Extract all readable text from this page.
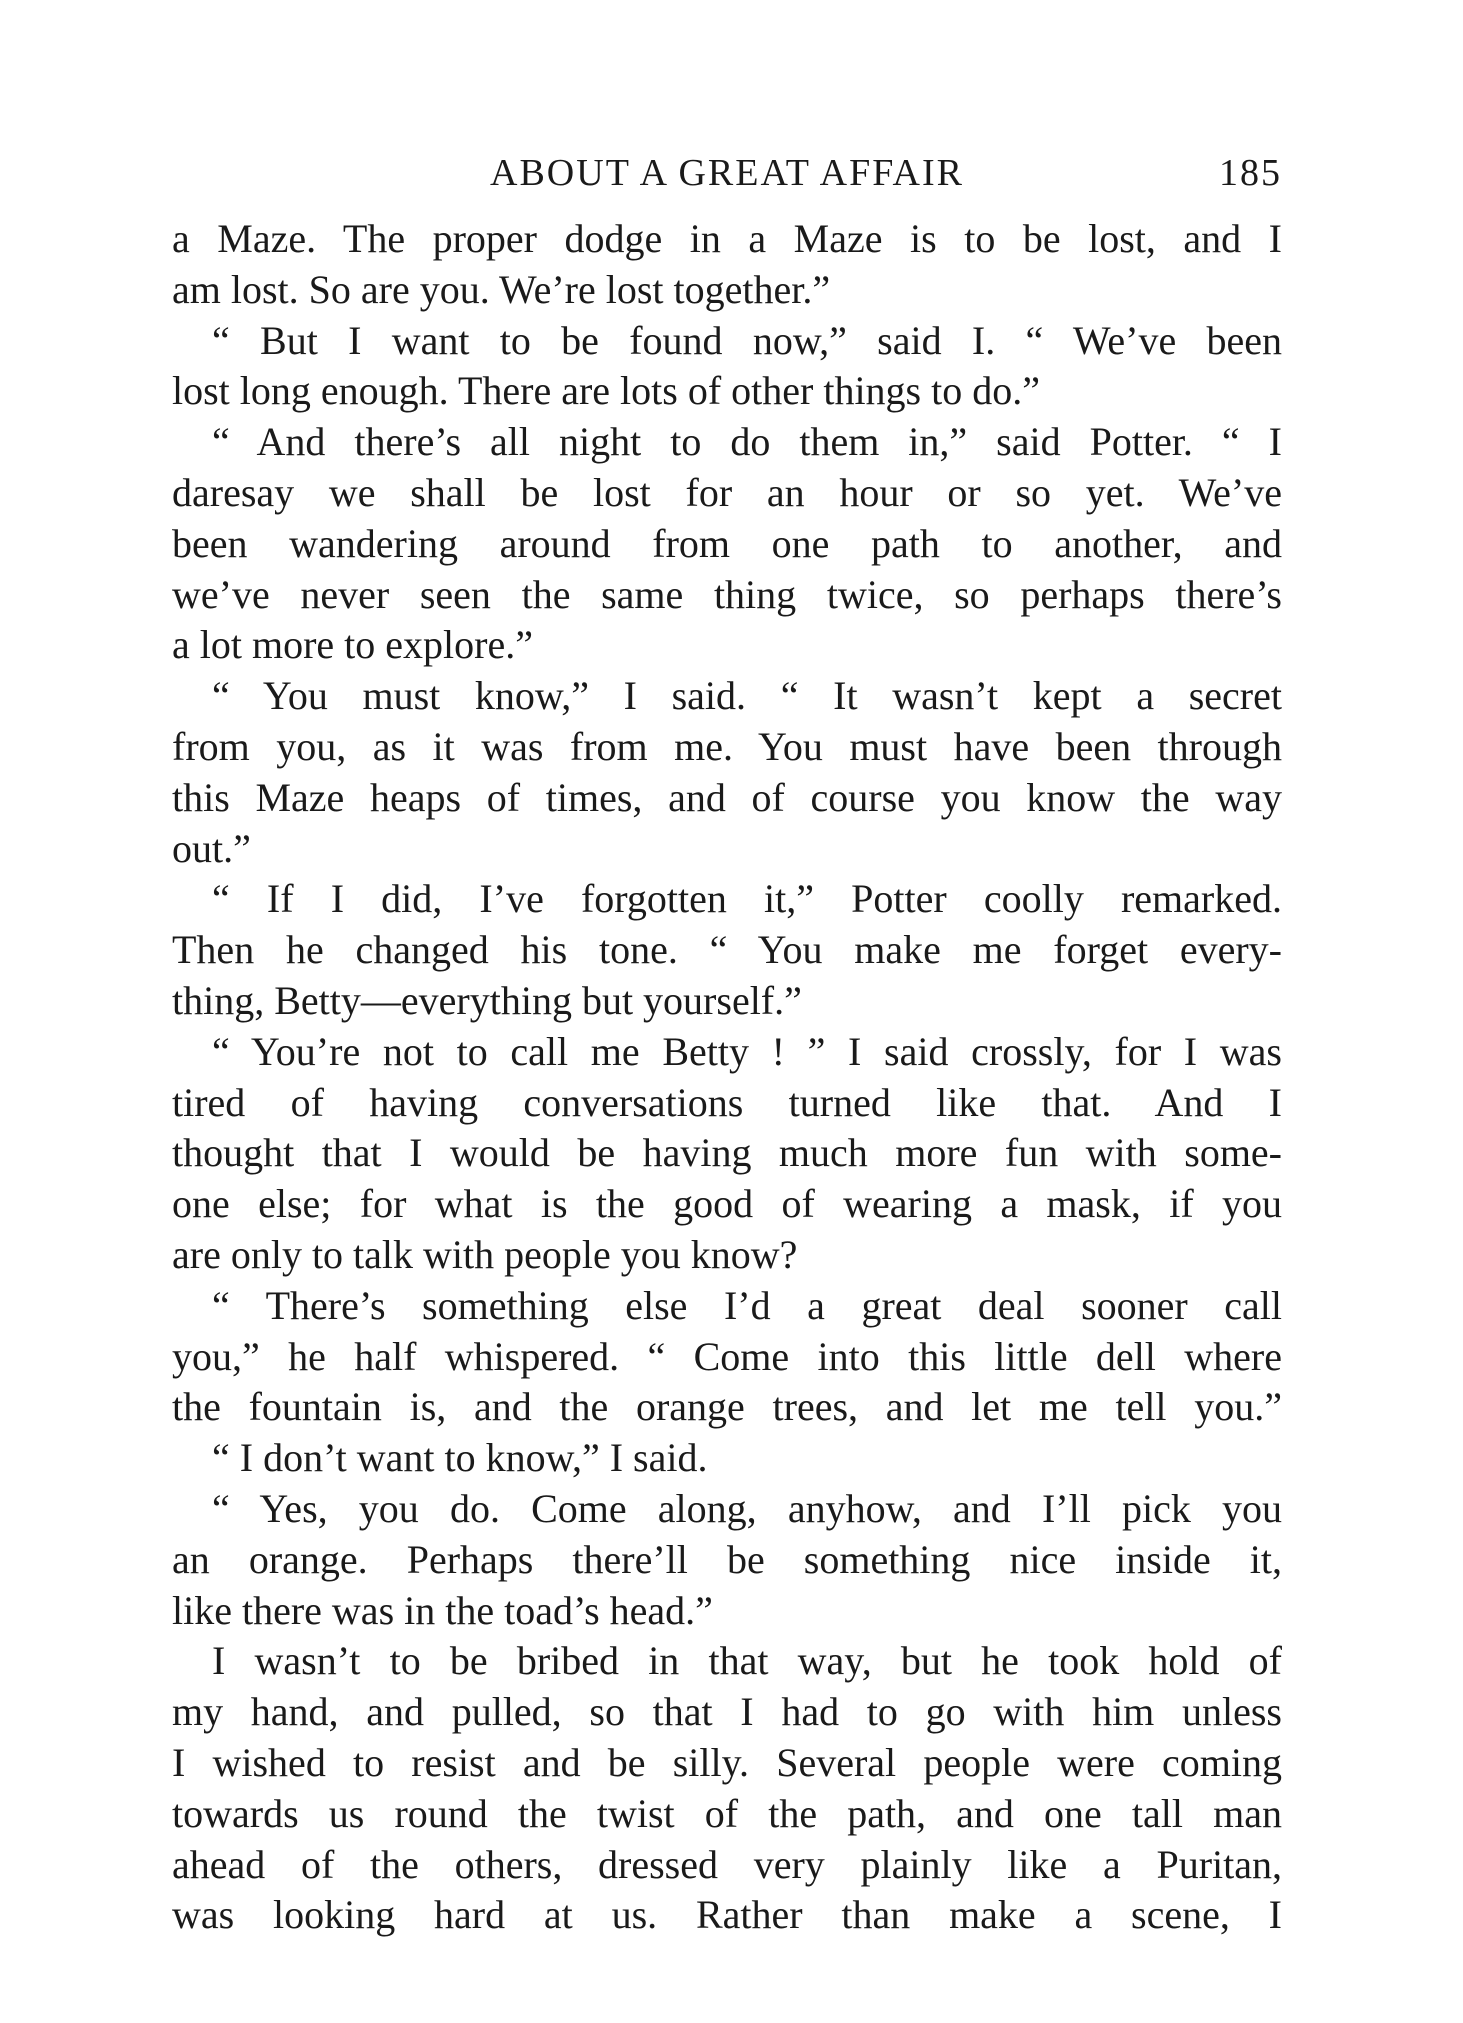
ABOUT A GREAT AFFAIR	185
a Maze. The proper dodge in a Maze is to be lost, and I
am lost. So are you. We’re lost together.”
“ But I want to be found now,” said I. “ We’ve been
lost long enough. There are lots of other things to do.”
“ And there’s all night to do them in,” said Potter. “ I
daresay we shall be lost for an hour or so yet. We’ve
been wandering around from one path to another, and
we’ve never seen the same thing twice, so perhaps there’s
a lot more to explore.”
“ You must know,” I said. “ It wasn’t kept a secret
from you, as it was from me. You must have been through
this Maze heaps of times, and of course you know the way
out.”
“ If I did, I’ve forgotten it,” Potter coolly remarked.
Then he changed his tone. “ You make me forget every-
thing, Betty—everything but yourself.”
“ You’re not to call me Betty ! ” I said crossly, for I was
tired of having conversations turned like that. And I
thought that I would be having much more fun with some-
one else; for what is the good of wearing a mask, if you
are only to talk with people you know?
“ There’s something else I’d a great deal sooner call
you,” he half whispered. “ Come into this little dell where
the fountain is, and the orange trees, and let me tell you.”
“ I don’t want to know,” I said.
“ Yes, you do. Come along, anyhow, and I’ll pick you
an orange. Perhaps there’ll be something nice inside it,
like there was in the toad’s head.”
I wasn’t to be bribed in that way, but he took hold of
my hand, and pulled, so that I had to go with him unless
I wished to resist and be silly. Several people were coming
towards us round the twist of the path, and one tall man
ahead of the others, dressed very plainly like a Puritan,
was looking hard at us. Rather than make a scene, I
